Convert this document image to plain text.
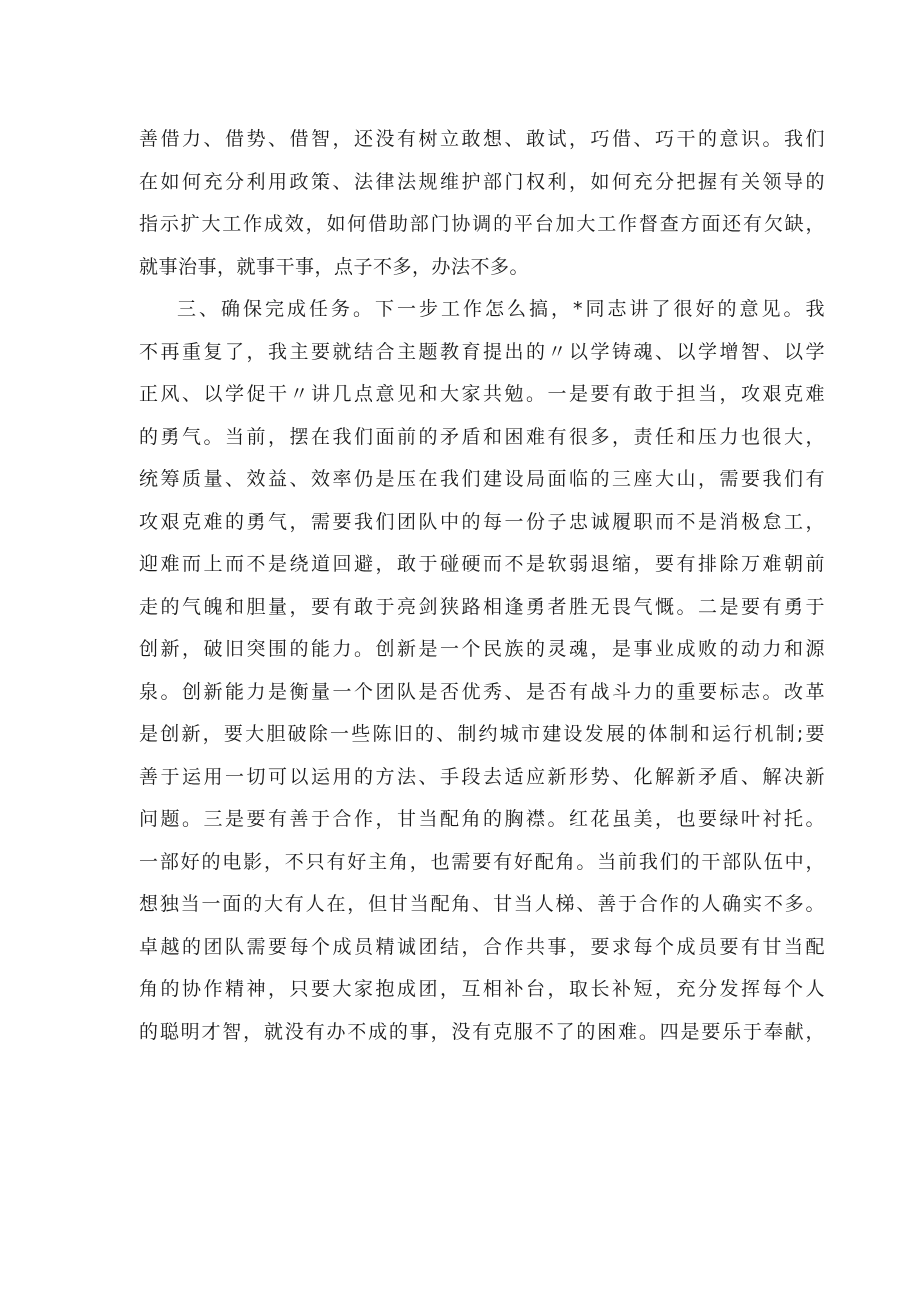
善借力、借势、借智，还没有树立敢想、敢试，巧借、巧干的意识。我们
在如何充分利用政策、法律法规维护部门权利，如何充分把握有关领导的
指示扩大工作成效，如何借助部门协调的平台加大工作督查方面还有欠缺，
就事治事，就事干事，点子不多，办法不多。
三、确保完成任务。下一步工作怎么搞，*同志讲了很好的意见。我
不再重复了，我主要就结合主题教育提出的〃以学铸魂、以学增智、以学
正风、以学促干〃讲几点意见和大家共勉。一是要有敢于担当，攻艰克难
的勇气。当前，摆在我们面前的矛盾和困难有很多，责任和压力也很大，
统筹质量、效益、效率仍是压在我们建设局面临的三座大山，需要我们有
攻艰克难的勇气，需要我们团队中的每一份子忠诚履职而不是消极怠工，
迎难而上而不是绕道回避，敢于碰硬而不是软弱退缩，要有排除万难朝前
走的气魄和胆量，要有敢于亮剑狭路相逢勇者胜无畏气慨。二是要有勇于
创新，破旧突围的能力。创新是一个民族的灵魂，是事业成败的动力和源
泉。创新能力是衡量一个团队是否优秀、是否有战斗力的重要标志。改革
是创新，要大胆破除一些陈旧的、制约城市建设发展的体制和运行机制;要
善于运用一切可以运用的方法、手段去适应新形势、化解新矛盾、解决新
问题。三是要有善于合作，甘当配角的胸襟。红花虽美，也要绿叶衬托。
一部好的电影，不只有好主角，也需要有好配角。当前我们的干部队伍中，
想独当一面的大有人在，但甘当配角、甘当人梯、善于合作的人确实不多。
卓越的团队需要每个成员精诚团结，合作共事，要求每个成员要有甘当配
角的协作精神，只要大家抱成团，互相补台，取长补短，充分发挥每个人
的聪明才智，就没有办不成的事，没有克服不了的困难。四是要乐于奉献，
